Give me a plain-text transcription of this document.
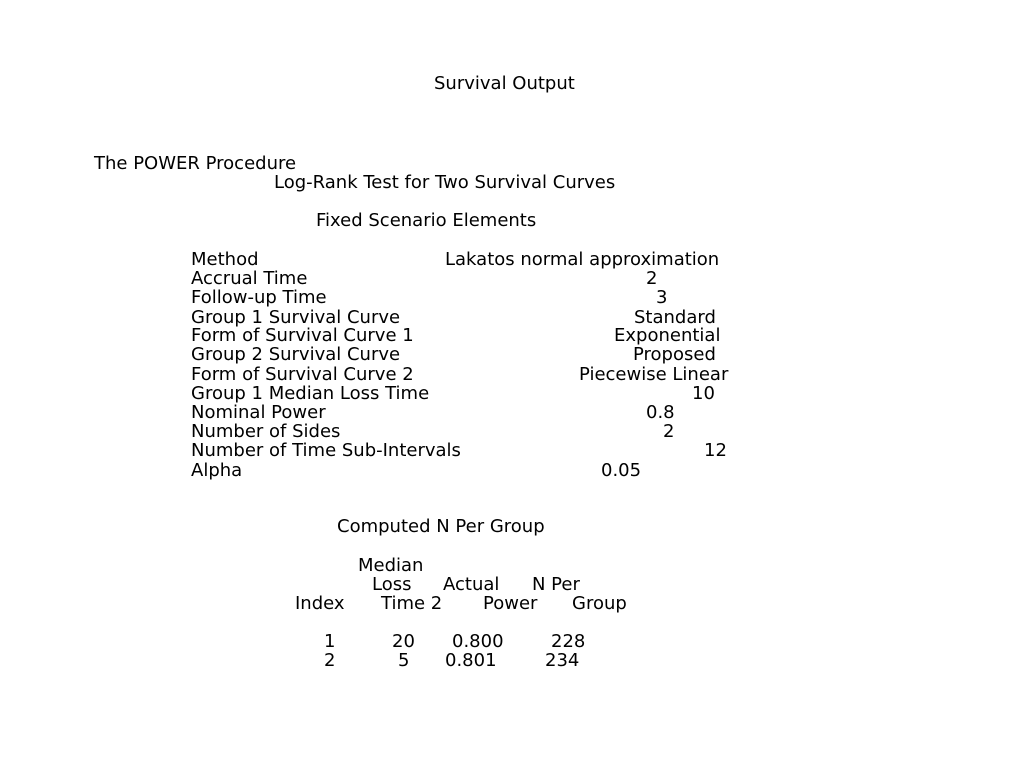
Survival Output
The POWER Procedure
Log-Rank Test for Two Survival Curves
Fixed Scenario Elements
Method	Lakatos normal approximation
Accrual Time	2
Follow-up Time	3
Group 1 Survival Curve	Standard
Form of Survival Curve 1	Exponential
Group 2 Survival Curve	Proposed
Form of Survival Curve 2	Piecewise Linear
Group 1 Median Loss Time	10
Nominal Power	0.8
Number of Sides	2
Number of Time Sub-Intervals	12
Alpha	0.05
Computed N Per Group
Median
Loss Actual N Per
Index Time 2 Power Group
1	20 0.800	228
2	5 0.801	234
